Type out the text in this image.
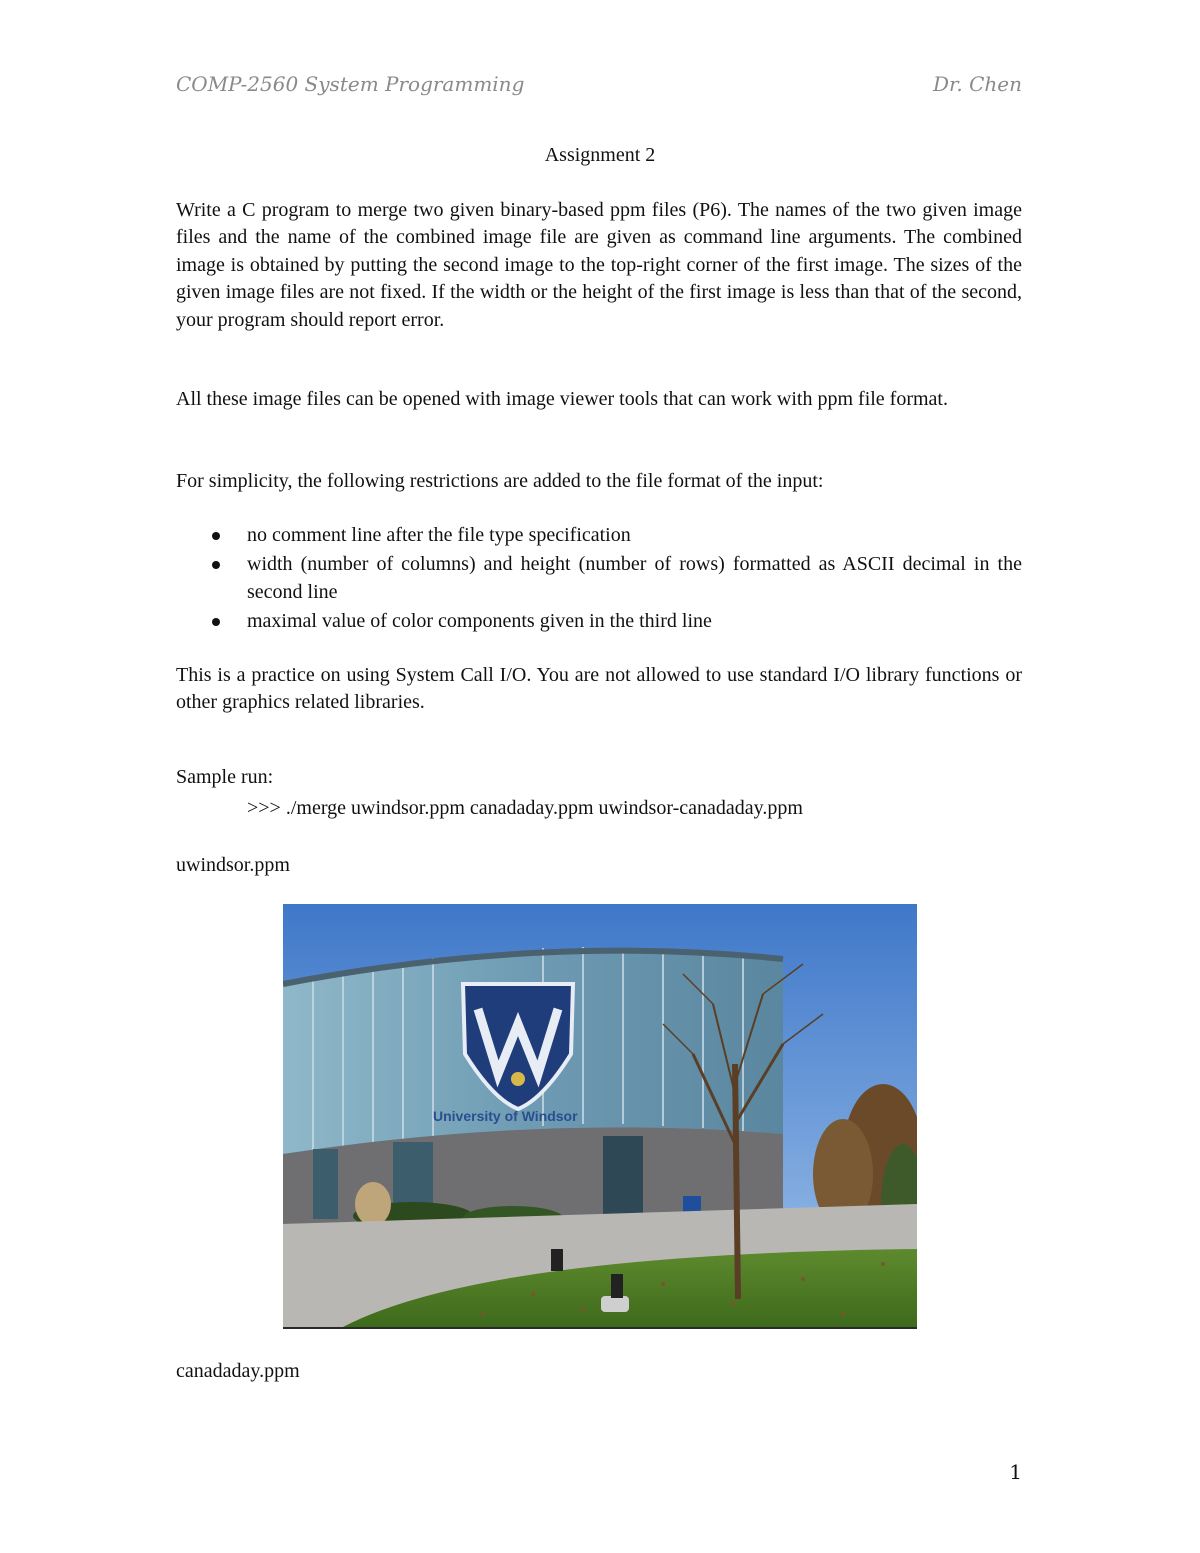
COMP-2560 System Programming	Dr. Chen
Assignment 2

Write a C program to merge two given binary-based ppm files (P6). The names of the two given image files and the name of the combined image file are given as command line arguments. The combined image is obtained by putting the second image to the top-right corner of the first image. The sizes of the given image files are not fixed. If the width or the height of the first image is less than that of the second, your program should report error.

All these image files can be opened with image viewer tools that can work with ppm file format.

For simplicity, the following restrictions are added to the file format of the input:

no comment line after the file type specification
width (number of columns) and height (number of rows) formatted as ASCII decimal in the second line
maximal value of color components given in the third line

This is a practice on using System Call I/O. You are not allowed to use standard I/O library functions or other graphics related libraries.

Sample run:

>>> ./merge uwindsor.ppm canadaday.ppm uwindsor-canadaday.ppm
uwindsor.ppm
University of Windsor
canadaday.ppm
1
